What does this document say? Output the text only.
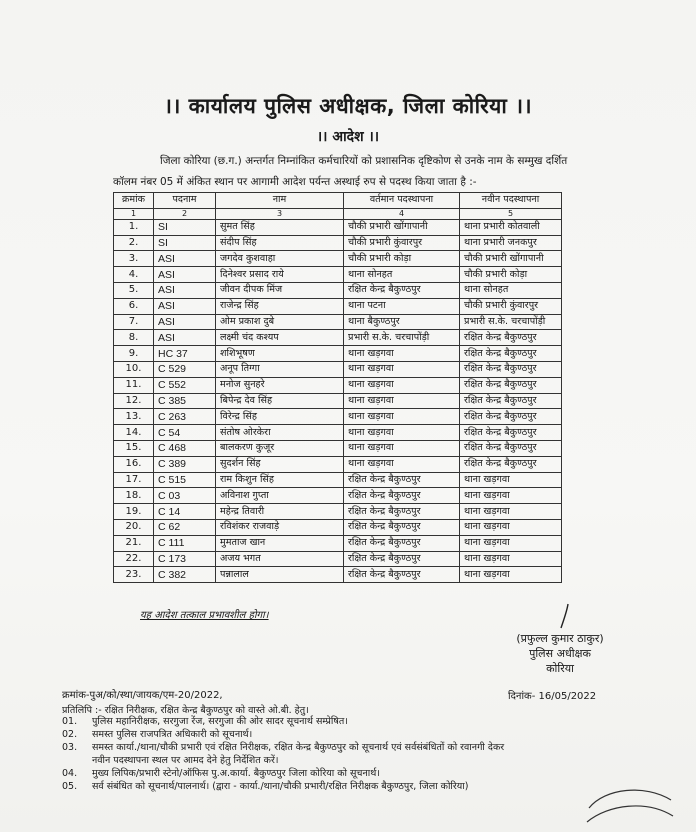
।। कार्यालय पुलिस अधीक्षक, जिला कोरिया ।।
।। आदेश ।।
जिला कोरिया (छ.ग.) अन्तर्गत निम्नांकित कर्मचारियों को प्रशासनिक दृष्टिकोण से उनके नाम के सम्मुख दर्शित
कॉलम नंबर 05 में अंकित स्थान पर आगामी आदेश पर्यन्त अस्थाई रुप से पदस्थ किया जाता है :-
क्रमांक	पदनाम	नाम	वर्तमान पदस्थापना	नवीन पदस्थापना
1	2	3	4	5
1.	SI	सुमत सिंह	चौकी प्रभारी खोंगापानी	थाना प्रभारी कोतवाली
2.	SI	संदीप सिंह	चौकी प्रभारी कुंवारपुर	थाना प्रभारी जनकपुर
3.	ASI	जगदेव कुशवाहा	चौकी प्रभारी कोड़ा	चौकी प्रभारी खोंगापानी
4.	ASI	दिनेश्वर प्रसाद राये	थाना सोनहत	चौकी प्रभारी कोड़ा
5.	ASI	जीवन दीपक मिंज	रक्षित केन्द्र बैकुण्ठपुर	थाना सोनहत
6.	ASI	राजेन्द्र सिंह	थाना पटना	चौकी प्रभारी कुंवारपुर
7.	ASI	ओम प्रकाश दुबे	थाना बैकुण्ठपुर	प्रभारी स.के. चरचापोंड़ी
8.	ASI	लक्ष्मी चंद कश्यप	प्रभारी स.के. चरचापोंड़ी	रक्षित केन्द्र बैकुण्ठपुर
9.	HC 37	शशिभूषण	थाना खड़गवा	रक्षित केन्द्र बैकुण्ठपुर
10.	C 529	अनूप तिग्गा	थाना खड़गवा	रक्षित केन्द्र बैकुण्ठपुर
11.	C 552	मनोज सुनहरे	थाना खड़गवा	रक्षित केन्द्र बैकुण्ठपुर
12.	C 385	बिपेन्द्र देव सिंह	थाना खड़गवा	रक्षित केन्द्र बैकुण्ठपुर
13.	C 263	विरेन्द्र सिंह	थाना खड़गवा	रक्षित केन्द्र बैकुण्ठपुर
14.	C 54	संतोष ओरकेरा	थाना खड़गवा	रक्षित केन्द्र बैकुण्ठपुर
15.	C 468	बालकरण कुजूर	थाना खड़गवा	रक्षित केन्द्र बैकुण्ठपुर
16.	C 389	सुदर्शन सिंह	थाना खड़गवा	रक्षित केन्द्र बैकुण्ठपुर
17.	C 515	राम किशुन सिंह	रक्षित केन्द्र बैकुण्ठपुर	थाना खड़गवा
18.	C 03	अविनाश गुप्ता	रक्षित केन्द्र बैकुण्ठपुर	थाना खड़गवा
19.	C 14	महेन्द्र तिवारी	रक्षित केन्द्र बैकुण्ठपुर	थाना खड़गवा
20.	C 62	रविशंकर राजवाड़े	रक्षित केन्द्र बैकुण्ठपुर	थाना खड़गवा
21.	C 111	मुमताज खान	रक्षित केन्द्र बैकुण्ठपुर	थाना खड़गवा
22.	C 173	अजय भगत	रक्षित केन्द्र बैकुण्ठपुर	थाना खड़गवा
23.	C 382	पन्नालाल	रक्षित केन्द्र बैकुण्ठपुर	थाना खड़गवा
यह आदेश तत्काल प्रभावशील होगा।
(प्रफुल्ल कुमार ठाकुर)
पुलिस अधीक्षक
कोरिया
क्रमांक-पुअ/को/स्था/जायक/एम-20/2022,	दिनांक- 16/05/2022
प्रतिलिपि :- रक्षित निरीक्षक, रक्षित केन्द्र बैकुण्ठपुर को वास्ते ओ.बी. हेतु।
01.	पुलिस महानिरीक्षक, सरगुजा रेंज, सरगुजा की ओर सादर सूचनार्थ सम्प्रेषित।
02.	समस्त पुलिस राजपत्रित अधिकारी को सूचनार्थ।
03.	समस्त कार्या./थाना/चौकी प्रभारी एवं रक्षित निरीक्षक, रक्षित केन्द्र बैकुण्ठपुर को सूचनार्थ एवं सर्वसंबंधितों को रवानगी देकर
नवीन पदस्थापना स्थल पर आमद देने हेतु निर्देशित करें।
04.	मुख्य लिपिक/प्रभारी स्टेनो/ऑफिस पु.अ.कार्या. बैकुण्ठपुर जिला कोरिया को सूचनार्थ।
05.	सर्व संबंधित को सूचनार्थ/पालनार्थ। (द्वारा - कार्या./थाना/चौकी प्रभारी/रक्षित निरीक्षक बैकुण्ठपुर, जिला कोरिया)
